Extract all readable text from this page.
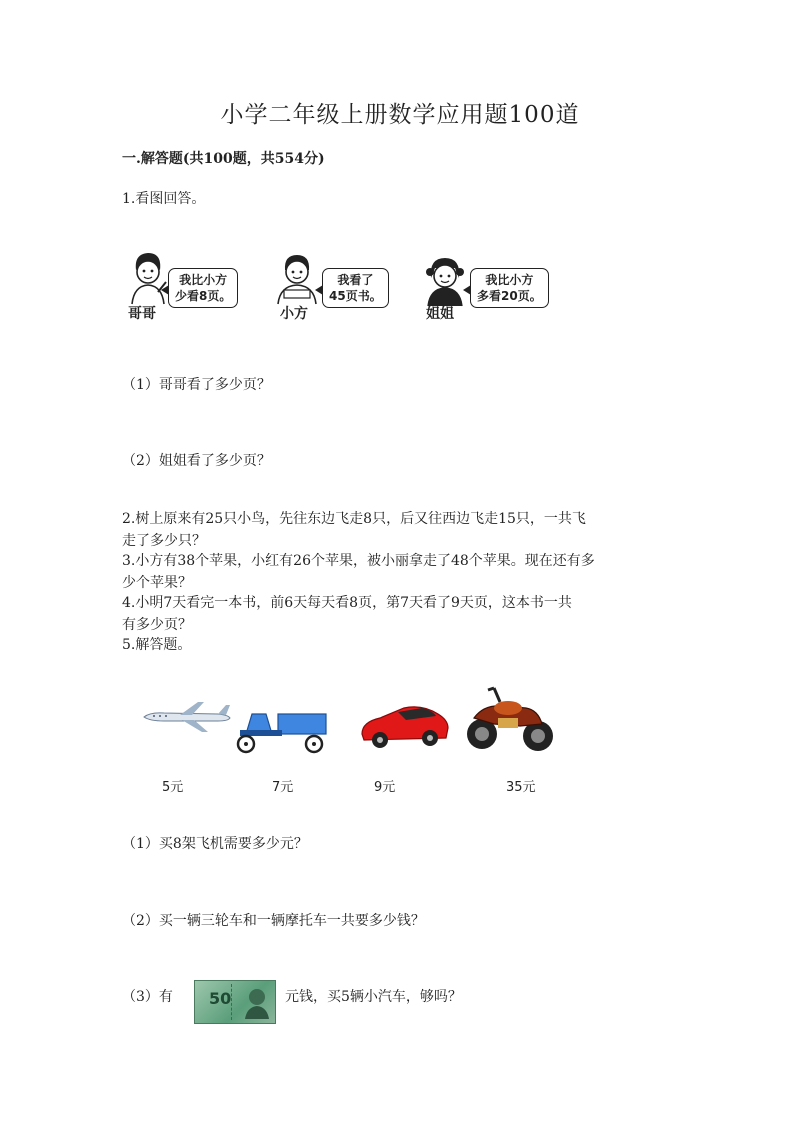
小学二年级上册数学应用题100道
一.解答题(共100题，共554分)
1.看图回答。
我比小方
少看8页。
哥哥
我看了
45页书。
小方
我比小方
多看20页。
姐姐
（1）哥哥看了多少页？
（2）姐姐看了多少页？
2.树上原来有25只小鸟，先往东边飞走8只，后又往西边飞走15只，一共飞
走了多少只？
3.小方有38个苹果，小红有26个苹果，被小丽拿走了48个苹果。现在还有多
少个苹果？
4.小明7天看完一本书，前6天每天看8页，第7天看了9天页，这本书一共
有多少页？
5.解答题。
5元	7元	9元	35元
（1）买8架飞机需要多少元？
（2）买一辆三轮车和一辆摩托车一共要多少钱？
（3）有 50	元钱，买5辆小汽车，够吗？
